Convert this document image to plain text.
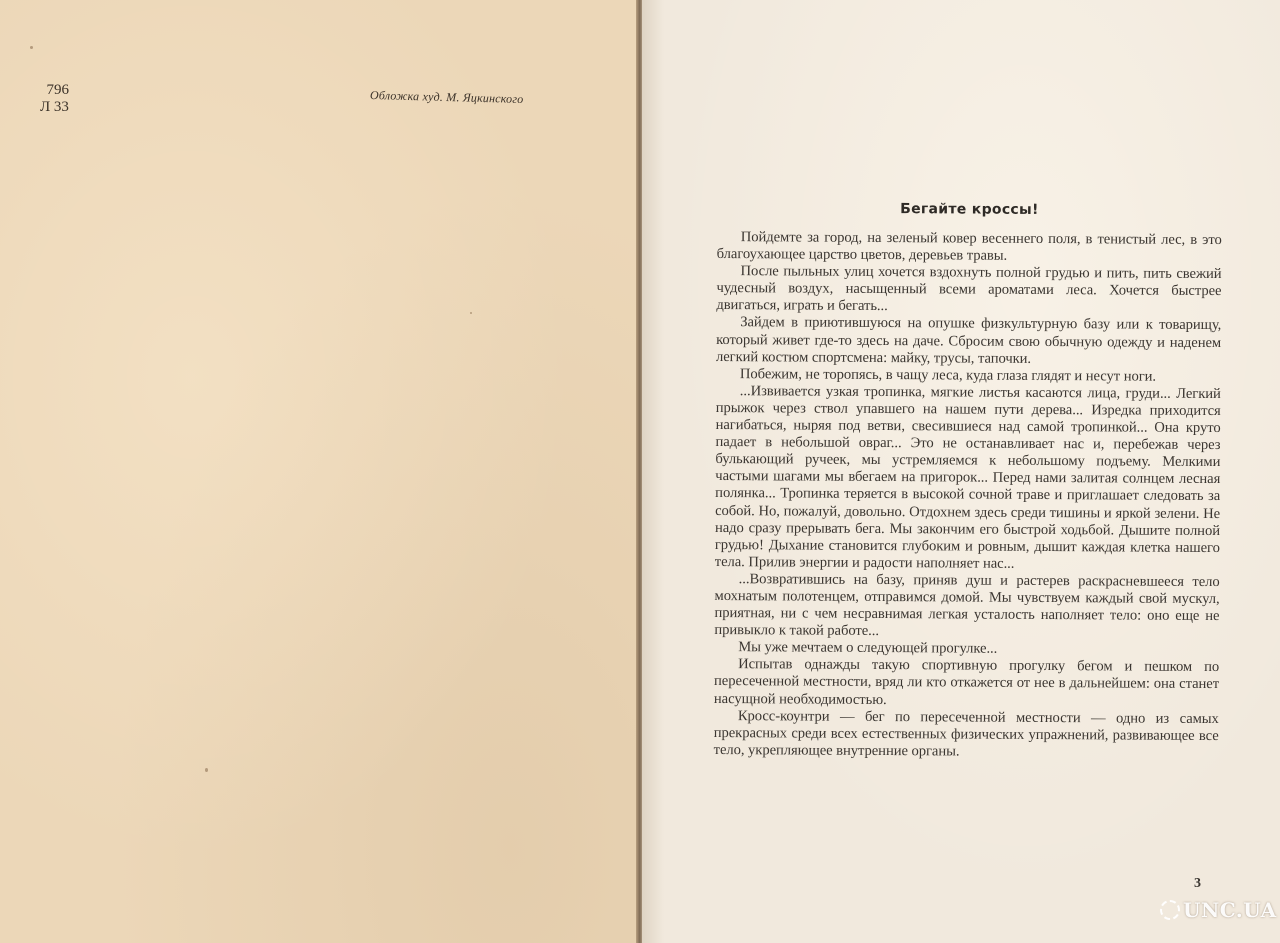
796
Л 33
Обложка худ. М. Яцкинского
Бегайте кроссы!

Пойдемте за город, на зеленый ковер весеннего поля, в тенистый лес, в это благоухающее царство цветов, деревьев травы.

После пыльных улиц хочется вздохнуть полной грудью и пить, пить свежий чудесный воздух, насыщенный всеми ароматами леса. Хочется быстрее двигаться, играть и бегать...

Зайдем в приютившуюся на опушке физкультурную базу или к товарищу, который живет где-то здесь на даче. Сбросим свою обычную одежду и наденем легкий костюм спортсмена: майку, трусы, тапочки.

Побежим, не торопясь, в чащу леса, куда глаза глядят и несут ноги.

...Извивается узкая тропинка, мягкие листья касаются лица, груди... Легкий прыжок через ствол упавшего на нашем пути дерева... Изредка приходится нагибаться, ныряя под ветви, свесившиеся над самой тропинкой... Она круто падает в небольшой овраг... Это не останавливает нас и, перебежав через булькающий ручеек, мы устремляемся к небольшому подъему. Мелкими частыми шагами мы вбегаем на пригорок... Перед нами залитая солнцем лесная полянка... Тропинка теряется в высокой сочной траве и приглашает следовать за собой. Но, пожалуй, довольно. Отдохнем здесь среди тишины и яркой зелени. Не надо сразу прерывать бега. Мы закончим его быстрой ходьбой. Дышите полной грудью! Дыхание становится глубоким и ровным, дышит каждая клетка нашего тела. Прилив энергии и радости наполняет нас...

...Возвратившись на базу, приняв душ и растерев раскрасневшееся тело мохнатым полотенцем, отправимся домой. Мы чувствуем каждый свой мускул, приятная, ни с чем несравнимая легкая усталость наполняет тело: оно еще не привыкло к такой работе...

Мы уже мечтаем о следующей прогулке...

Испытав однажды такую спортивную прогулку бегом и пешком по пересеченной местности, вряд ли кто откажется от нее в дальнейшем: она станет насущной необходимостью.

Кросс-коунтри — бег по пересеченной местности — одно из самых прекрасных среди всех естественных физических упражнений, развивающее все тело, укрепляющее внутренние органы.

3
UNC.UA
